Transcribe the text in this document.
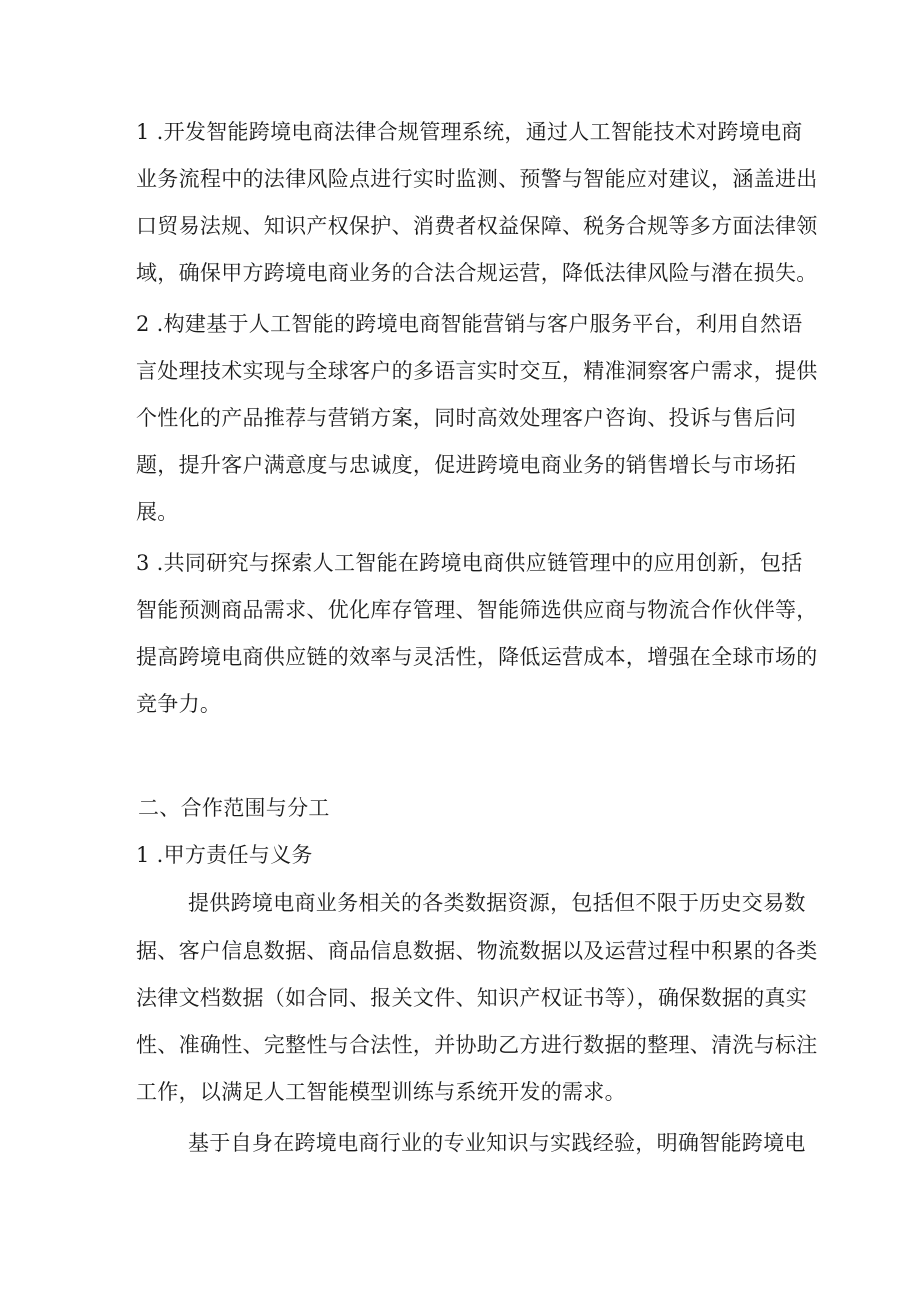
1 .开发智能跨境电商法律合规管理系统，通过人工智能技术对跨境电商
业务流程中的法律风险点进行实时监测、预警与智能应对建议，涵盖进出
口贸易法规、知识产权保护、消费者权益保障、税务合规等多方面法律领
域，确保甲方跨境电商业务的合法合规运营，降低法律风险与潜在损失。
2 .构建基于人工智能的跨境电商智能营销与客户服务平台，利用自然语
言处理技术实现与全球客户的多语言实时交互，精准洞察客户需求，提供
个性化的产品推荐与营销方案，同时高效处理客户咨询、投诉与售后问
题，提升客户满意度与忠诚度，促进跨境电商业务的销售增长与市场拓
展。
3 .共同研究与探索人工智能在跨境电商供应链管理中的应用创新，包括
智能预测商品需求、优化库存管理、智能筛选供应商与物流合作伙伴等，
提高跨境电商供应链的效率与灵活性，降低运营成本，增强在全球市场的
竞争力。
二、合作范围与分工
1 .甲方责任与义务
提供跨境电商业务相关的各类数据资源，包括但不限于历史交易数
据、客户信息数据、商品信息数据、物流数据以及运营过程中积累的各类
法律文档数据（如合同、报关文件、知识产权证书等），确保数据的真实
性、准确性、完整性与合法性，并协助乙方进行数据的整理、清洗与标注
工作，以满足人工智能模型训练与系统开发的需求。
基于自身在跨境电商行业的专业知识与实践经验，明确智能跨境电
